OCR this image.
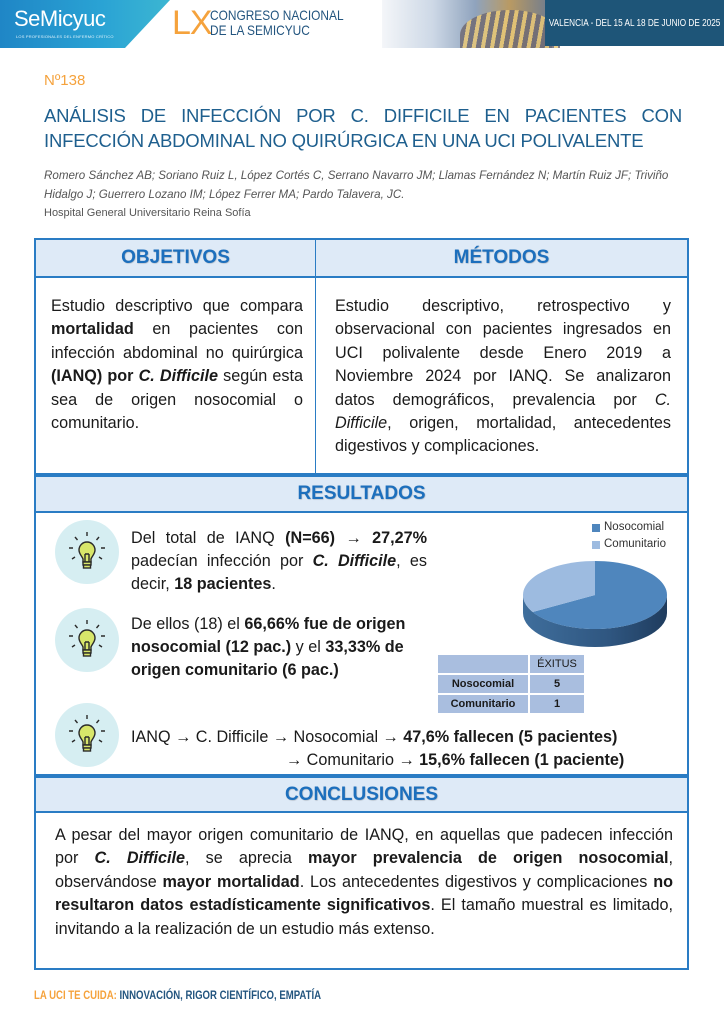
SeMicyuc
LOS PROFESIONALES DEL ENFERMO CRÍTICO LX
CONGRESO NACIONAL
DE LA SEMICYUC	VALENCIA - DEL 15 AL 18 DE JUNIO DE 2025
Nº138
ANÁLISIS DE INFECCIÓN POR C. DIFFICILE EN PACIENTES CON INFECCIÓN ABDOMINAL NO QUIRÚRGICA EN UNA UCI POLIVALENTE
Romero Sánchez AB; Soriano Ruiz L, López Cortés C, Serrano Navarro JM; Llamas Fernández N; Martín Ruiz JF; Triviño Hidalgo J; Guerrero Lozano IM; López Ferrer MA; Pardo Talavera, JC.
Hospital General Universitario Reina Sofía
OBJETIVOS	MÉTODOS

Estudio descriptivo que compara mortalidad en pacientes con infección abdominal no quirúrgica (IANQ) por C. Difficile según esta sea de origen nosocomial o comunitario.

Estudio descriptivo, retrospectivo y observacional con pacientes ingresados en UCI polivalente desde Enero 2019 a Noviembre 2024 por IANQ. Se analizaron datos demográficos, prevalencia por C. Difficile, origen, mortalidad, antecedentes digestivos y complicaciones.

RESULTADOS
Del total de IANQ (N=66) → 27,27% padecían infección por C. Difficile, es decir, 18 pacientes.
De ellos (18) el 66,66% fue de origen nosocomial (12 pac.) y el 33,33% de origen comunitario (6 pac.)
IANQ → C. Difficile → Nosocomial → 47,6% fallecen (5 pacientes)
→ Comunitario → 15,6% fallecen (1 paciente)
Nosocomial
Comunitario
	ÉXITUS
Nosocomial	5
Comunitario	1
CONCLUSIONES

A pesar del mayor origen comunitario de IANQ, en aquellas que padecen infección por C. Difficile, se aprecia mayor prevalencia de origen nosocomial, observándose mayor mortalidad. Los antecedentes digestivos y complicaciones no resultaron datos estadísticamente significativos. El tamaño muestral es limitado, invitando a la realización de un estudio más extenso.

LA UCI TE CUIDA: INNOVACIÓN, RIGOR CIENTÍFICO, EMPATÍA
